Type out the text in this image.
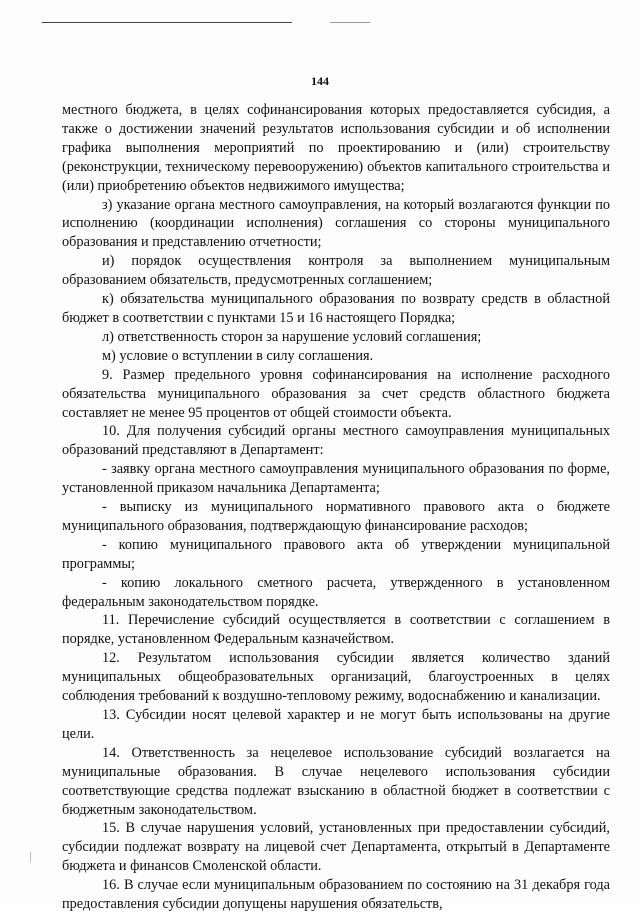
144

местного бюджета, в целях софинансирования которых предоставляется субсидия, а также о достижении значений результатов использования субсидии и об исполнении графика выполнения мероприятий по проектированию и (или) строительству (реконструкции, техническому перевооружению) объектов капитального строительства и (или) приобретению объектов недвижимого имущества;

з) указание органа местного самоуправления, на который возлагаются функции по исполнению (координации исполнения) соглашения со стороны муниципального образования и представлению отчетности;

и) порядок осуществления контроля за выполнением муниципальным образованием обязательств, предусмотренных соглашением;

к) обязательства муниципального образования по возврату средств в областной бюджет в соответствии с пунктами 15 и 16 настоящего Порядка;

л) ответственность сторон за нарушение условий соглашения;

м) условие о вступлении в силу соглашения.

9. Размер предельного уровня софинансирования на исполнение расходного обязательства муниципального образования за счет средств областного бюджета составляет не менее 95 процентов от общей стоимости объекта.

10. Для получения субсидий органы местного самоуправления муниципальных образований представляют в Департамент:

- заявку органа местного самоуправления муниципального образования по форме, установленной приказом начальника Департамента;

- выписку из муниципального нормативного правового акта о бюджете муниципального образования, подтверждающую финансирование расходов;

- копию муниципального правового акта об утверждении муниципальной программы;

- копию локального сметного расчета, утвержденного в установленном федеральным законодательством порядке.

11. Перечисление субсидий осуществляется в соответствии с соглашением в порядке, установленном Федеральным казначейством.

12. Результатом использования субсидии является количество зданий муниципальных общеобразовательных организаций, благоустроенных в целях соблюдения требований к воздушно-тепловому режиму, водоснабжению и канализации.

13. Субсидии носят целевой характер и не могут быть использованы на другие цели.

14. Ответственность за нецелевое использование субсидий возлагается на муниципальные образования. В случае нецелевого использования субсидии соответствующие средства подлежат взысканию в областной бюджет в соответствии с бюджетным законодательством.

15. В случае нарушения условий, установленных при предоставлении субсидий, субсидии подлежат возврату на лицевой счет Департамента, открытый в Департаменте бюджета и финансов Смоленской области.

16. В случае если муниципальным образованием по состоянию на 31 декабря года предоставления субсидии допущены нарушения обязательств,
